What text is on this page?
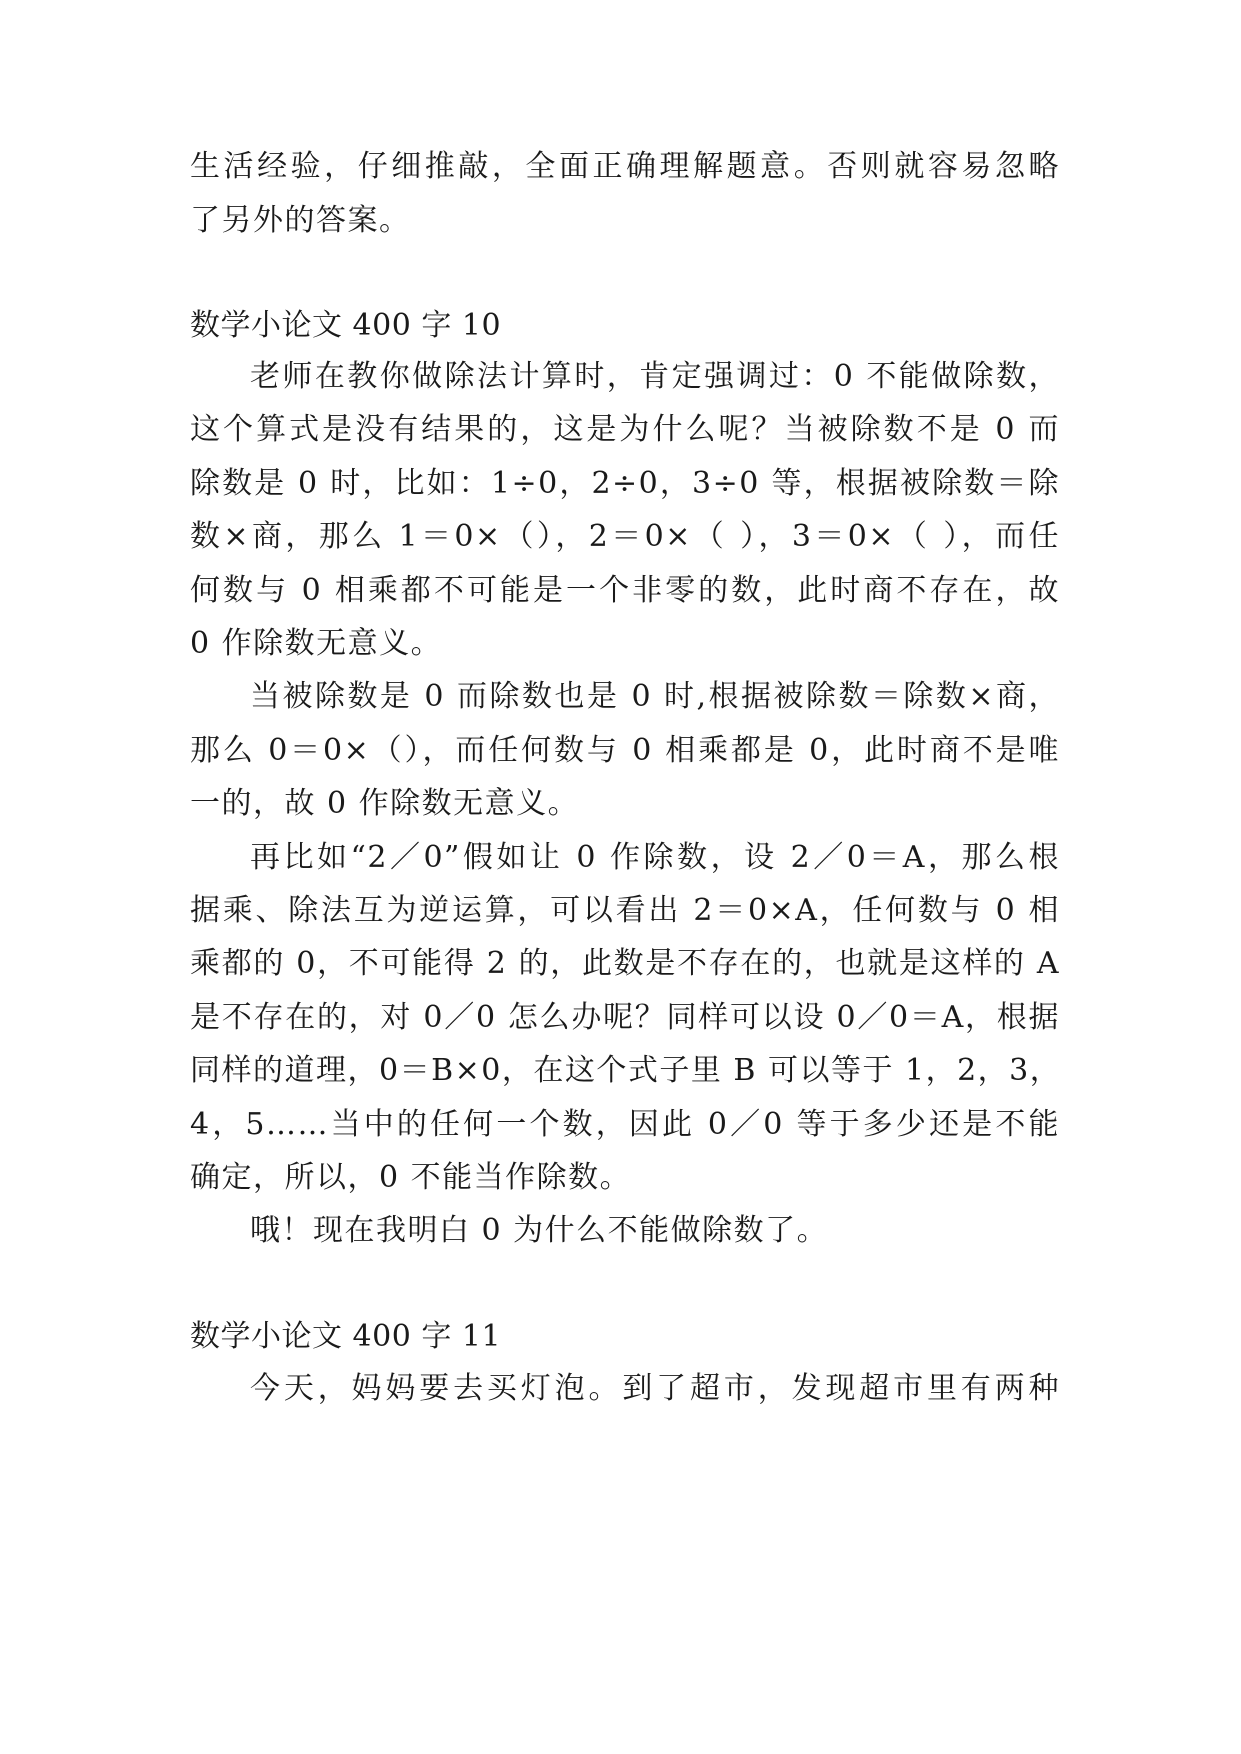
生活经验，仔细推敲，全面正确理解题意。否则就容易忽略
了另外的答案。
数学小论文 400 字 10
老师在教你做除法计算时，肯定强调过：0 不能做除数，
这个算式是没有结果的，这是为什么呢？当被除数不是 0 而
除数是 0 时，比如：1÷0，2÷0，3÷0 等，根据被除数＝除
数×商，那么 1＝0×（），2＝0×（ ），3＝0×（ ），而任
何数与 0 相乘都不可能是一个非零的数，此时商不存在，故
0 作除数无意义。
当被除数是 0 而除数也是 0 时,根据被除数＝除数×商，
那么 0＝0×（），而任何数与 0 相乘都是 0，此时商不是唯
一的，故 0 作除数无意义。
再比如“2／0”假如让 0 作除数，设 2／0＝A，那么根
据乘、除法互为逆运算，可以看出 2＝0×A，任何数与 0 相
乘都的 0，不可能得 2 的，此数是不存在的，也就是这样的 A
是不存在的，对 0／0 怎么办呢？同样可以设 0／0＝A，根据
同样的道理，0＝B×0，在这个式子里 B 可以等于 1，2，3，
4，5……当中的任何一个数，因此 0／0 等于多少还是不能
确定，所以，0 不能当作除数。
哦！现在我明白 0 为什么不能做除数了。
数学小论文 400 字 11
今天，妈妈要去买灯泡。到了超市，发现超市里有两种
